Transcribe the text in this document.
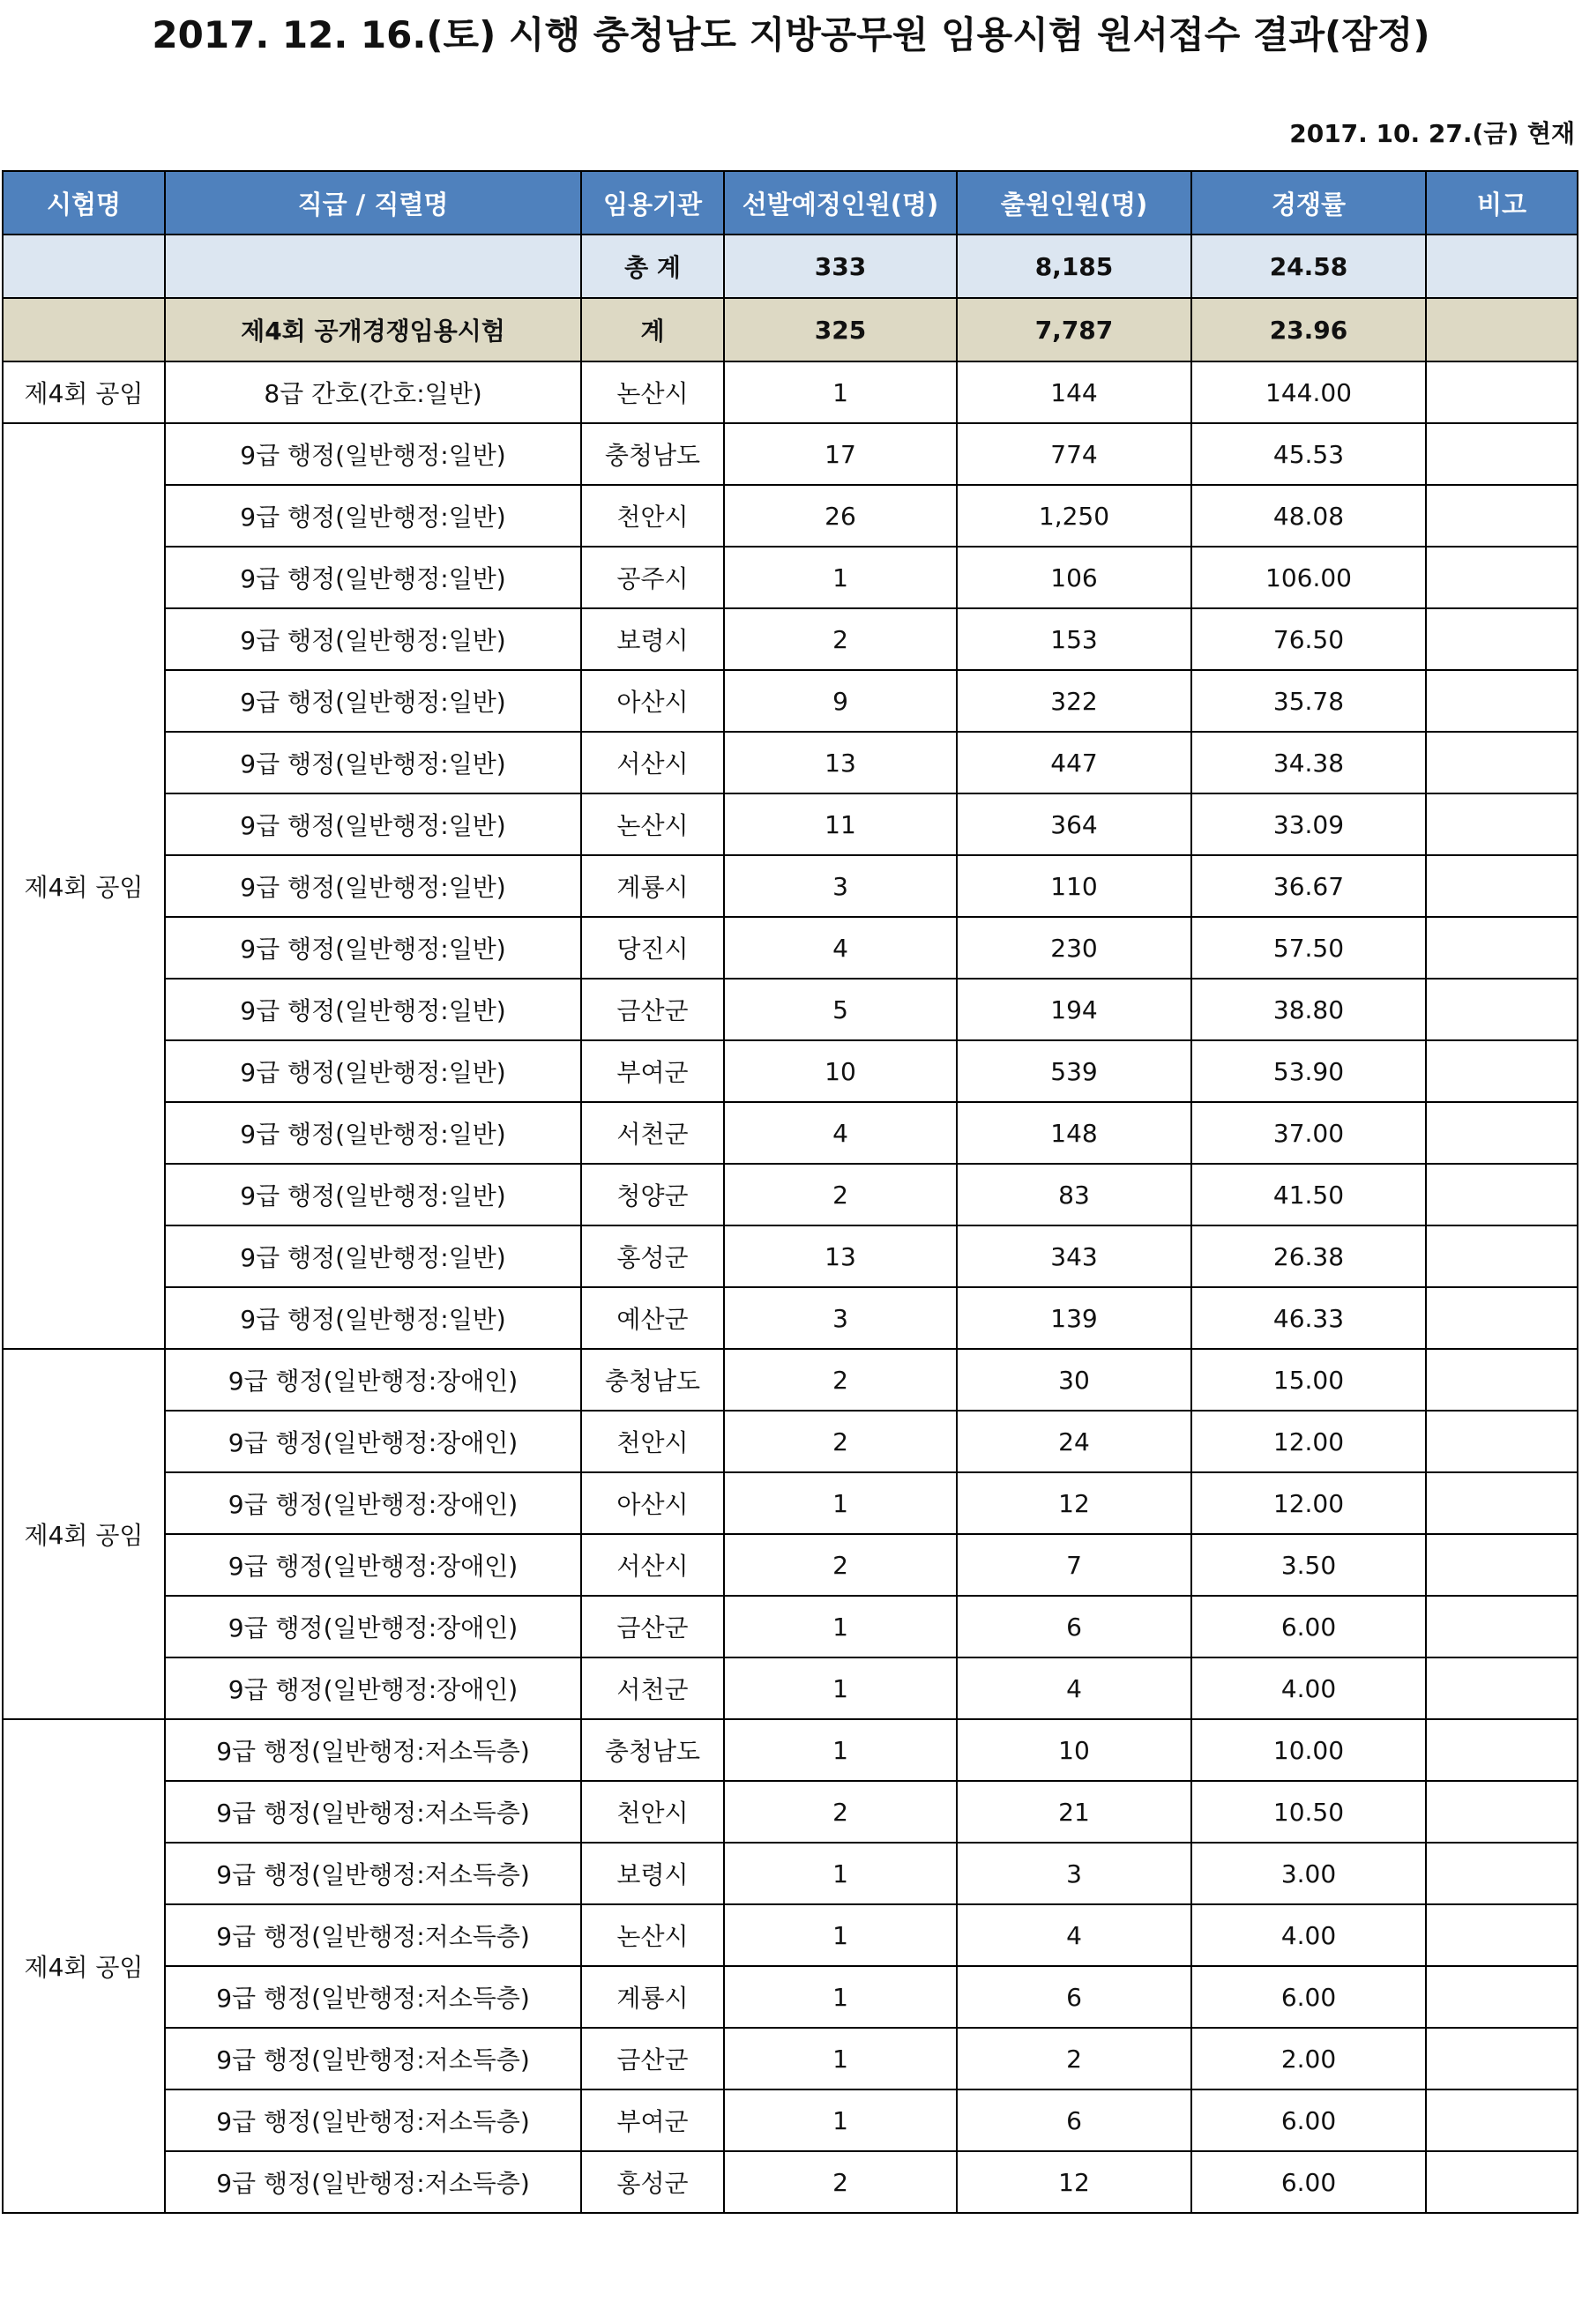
2017. 12. 16.(토) 시행 충청남도 지방공무원 임용시험 원서접수 결과(잠정)
2017. 10. 27.(금) 현재
시험명	직급 / 직렬명	임용기관	선발예정인원(명)	출원인원(명)	경쟁률	비고
		총 계	333	8,185	24.58	
	제4회 공개경쟁임용시험	계	325	7,787	23.96	
제4회 공임	8급 간호(간호:일반)	논산시	1	144	144.00	
제4회 공임	9급 행정(일반행정:일반)	충청남도	17	774	45.53	
	9급 행정(일반행정:일반)	천안시	26	1,250	48.08	
	9급 행정(일반행정:일반)	공주시	1	106	106.00	
	9급 행정(일반행정:일반)	보령시	2	153	76.50	
	9급 행정(일반행정:일반)	아산시	9	322	35.78	
	9급 행정(일반행정:일반)	서산시	13	447	34.38	
	9급 행정(일반행정:일반)	논산시	11	364	33.09	
	9급 행정(일반행정:일반)	계룡시	3	110	36.67	
	9급 행정(일반행정:일반)	당진시	4	230	57.50	
	9급 행정(일반행정:일반)	금산군	5	194	38.80	
	9급 행정(일반행정:일반)	부여군	10	539	53.90	
	9급 행정(일반행정:일반)	서천군	4	148	37.00	
	9급 행정(일반행정:일반)	청양군	2	83	41.50	
	9급 행정(일반행정:일반)	홍성군	13	343	26.38	
	9급 행정(일반행정:일반)	예산군	3	139	46.33	
제4회 공임	9급 행정(일반행정:장애인)	충청남도	2	30	15.00	
	9급 행정(일반행정:장애인)	천안시	2	24	12.00	
	9급 행정(일반행정:장애인)	아산시	1	12	12.00	
	9급 행정(일반행정:장애인)	서산시	2	7	3.50	
	9급 행정(일반행정:장애인)	금산군	1	6	6.00	
	9급 행정(일반행정:장애인)	서천군	1	4	4.00	
제4회 공임	9급 행정(일반행정:저소득층)	충청남도	1	10	10.00	
	9급 행정(일반행정:저소득층)	천안시	2	21	10.50	
	9급 행정(일반행정:저소득층)	보령시	1	3	3.00	
	9급 행정(일반행정:저소득층)	논산시	1	4	4.00	
	9급 행정(일반행정:저소득층)	계룡시	1	6	6.00	
	9급 행정(일반행정:저소득층)	금산군	1	2	2.00	
	9급 행정(일반행정:저소득층)	부여군	1	6	6.00	
	9급 행정(일반행정:저소득층)	홍성군	2	12	6.00	
